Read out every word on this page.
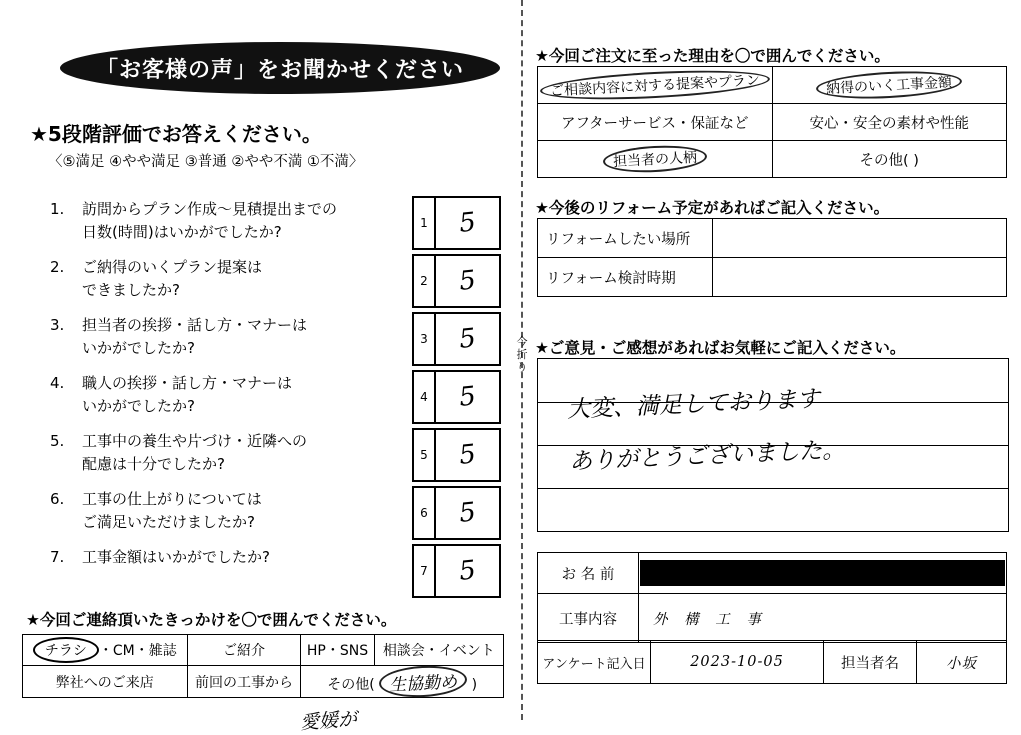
「お客様の声」をお聞かせください
★5段階評価でお答えください。
〈⑤満足 ④やや満足 ③普通 ②やや不満 ①不満〉
1. 訪問からプラン作成〜見積提出までの
日数(時間)はいかがでしたか?	1	5
2. ご納得のいくプラン提案は
できましたか?	2	5
3. 担当者の挨拶・話し方・マナーは
いかがでしたか?	3	5
4. 職人の挨拶・話し方・マナーは
いかがでしたか?	4	5
5. 工事中の養生や片づけ・近隣への
配慮は十分でしたか?	5	5
6. 工事の仕上がりについては
ご満足いただけましたか?	6	5
7. 工事金額はいかがでしたか?
7	5
★今回ご連絡頂いたきっかけを〇で囲んでください。
チラシ ・CM・雑誌	ご紹介	HP・SNS	相談会・イベント
弊社へのご来店	前回の工事から	その他( 生協勤め )	
愛媛が
今
折
り
★今回ご注文に至った理由を〇で囲んでください。
ご相談内容に対する提案やプラン	納得のいく工事金額
アフターサービス・保証など	安心・安全の素材や性能
担当者の人柄	その他( )
★今後のリフォーム予定があればご記入ください。
リフォームしたい場所	
リフォーム検討時期	
★ご意見・ご感想があればお気軽にご記入ください。
大変、満足しております
ありがとうございました。
お 名 前	

工事内容	外 構 工 事
アンケート記入日	2023-10-05	担当者名	小坂
